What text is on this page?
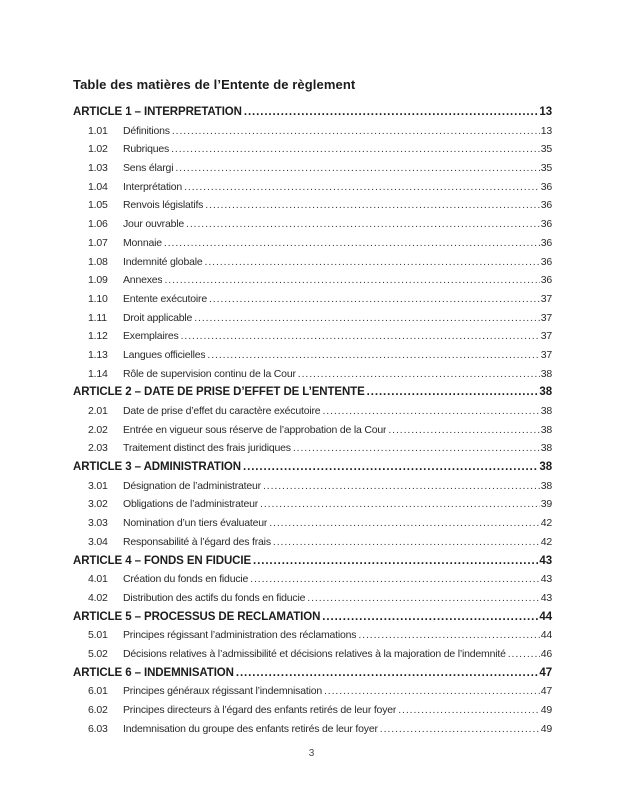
Table des matières de l’Entente de règlement
ARTICLE 1 – INTERPRÉTATION .....	13
1.01	Définitions .....	13
1.02	Rubriques .....	35
1.03	Sens élargi .....	35
1.04	Interprétation .....	36
1.05	Renvois législatifs .....	36
1.06	Jour ouvrable .....	36
1.07	Monnaie .....	36
1.08	Indemnité globale .....	36
1.09	Annexes .....	36
1.10	Entente exécutoire .....	37
1.11	Droit applicable .....	37
1.12	Exemplaires .....	37
1.13	Langues officielles .....	37
1.14	Rôle de supervision continu de la Cour .....	38
ARTICLE 2 – DATE DE PRISE D’EFFET DE L’ENTENTE .....	38
2.01	Date de prise d’effet du caractère exécutoire .....	38
2.02	Entrée en vigueur sous réserve de l’approbation de la Cour .....	38
2.03	Traitement distinct des frais juridiques .....	38
ARTICLE 3 – ADMINISTRATION .....	38
3.01	Désignation de l’administrateur .....	38
3.02	Obligations de l’administrateur .....	39
3.03	Nomination d’un tiers évaluateur .....	42
3.04	Responsabilité à l’égard des frais .....	42
ARTICLE 4 – FONDS EN FIDUCIE .....	43
4.01	Création du fonds en fiducie .....	43
4.02	Distribution des actifs du fonds en fiducie .....	43
ARTICLE 5 – PROCESSUS DE RÉCLAMATION .....	44
5.01	Principes régissant l’administration des réclamations .....	44
5.02	Décisions relatives à l’admissibilité et décisions relatives à la majoration de l’indemnité .....	46
ARTICLE 6 – INDEMNISATION .....	47
6.01	Principes généraux régissant l’indemnisation .....	47
6.02	Principes directeurs à l’égard des enfants retirés de leur foyer .....	49
6.03	Indemnisation du groupe des enfants retirés de leur foyer .....	49
3
